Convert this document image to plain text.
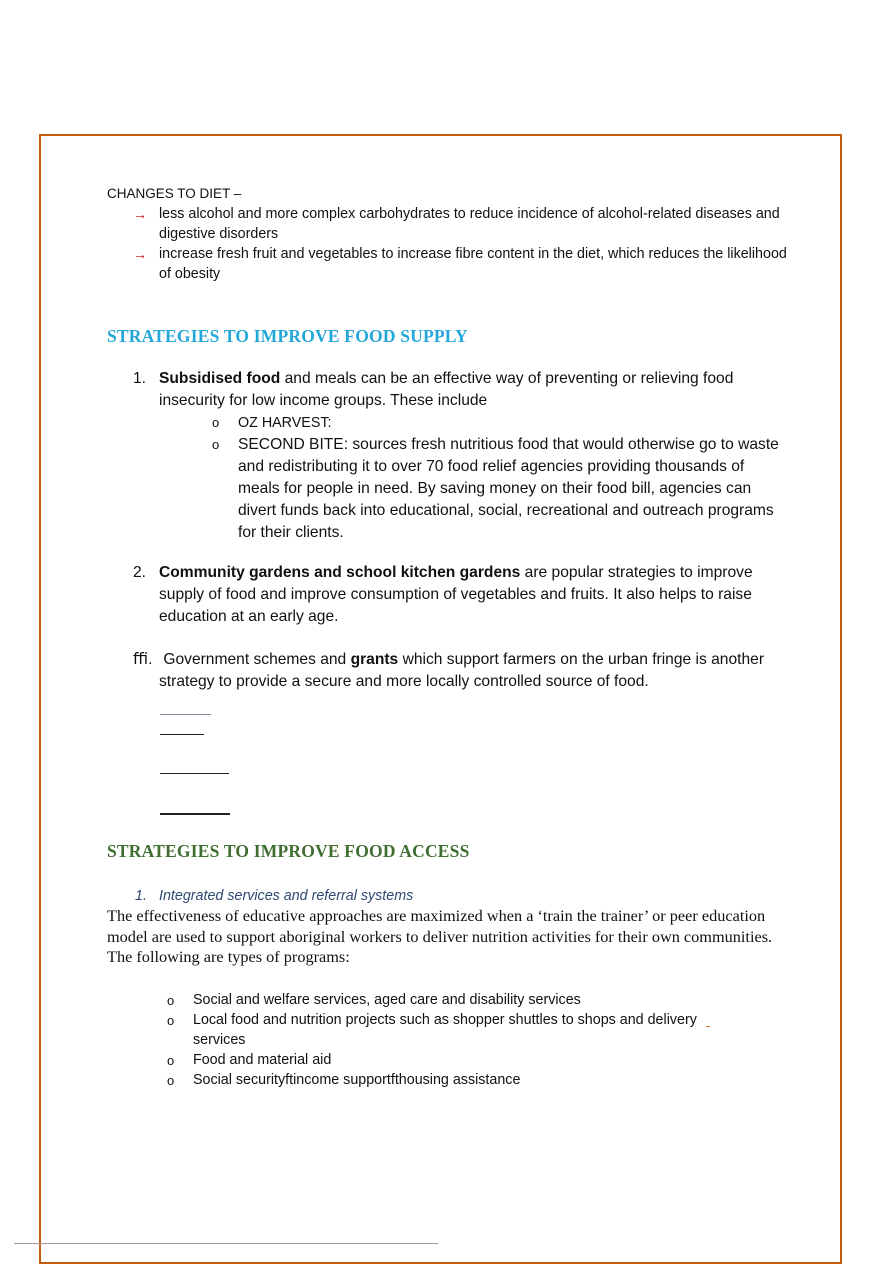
CHANGES TO DIET –

→ less alcohol and more complex carbohydrates to reduce incidence of alcohol-related diseases and digestive disorders
→ increase fresh fruit and vegetables to increase fibre content in the diet, which reduces the likelihood of obesity
STRATEGIES TO IMPROVE FOOD SUPPLY
1. Subsidised food and meals can be an effective way of preventing or relieving food insecurity for low income groups. These include
o OZ HARVEST:
o SECOND BITE: sources fresh nutritious food that would otherwise go to waste and redistributing it to over 70 food relief agencies providing thousands of meals for people in need. By saving money on their food bill, agencies can divert funds back into educational, social, recreational and outreach programs for their clients.
2. Community gardens and school kitchen gardens are popular strategies to improve supply of food and improve consumption of vegetables and fruits. It also helps to raise education at an early age.
ﬃ. Government schemes and grants which support farmers on the urban fringe is another strategy to provide a secure and more locally controlled source of food.
STRATEGIES TO IMPROVE FOOD ACCESS
1. Integrated services and referral systems

The effectiveness of educative approaches are maximized when a ‘train the trainer’ or peer education model are used to support aboriginal workers to deliver nutrition activities for their own communities. The following are types of programs:

o Social and welfare services, aged care and disability services
o Local food and nutrition projects such as shopper shuttles to shops and delivery services
o Food and material aid
o Social securityftincome supportfthousing assistance
